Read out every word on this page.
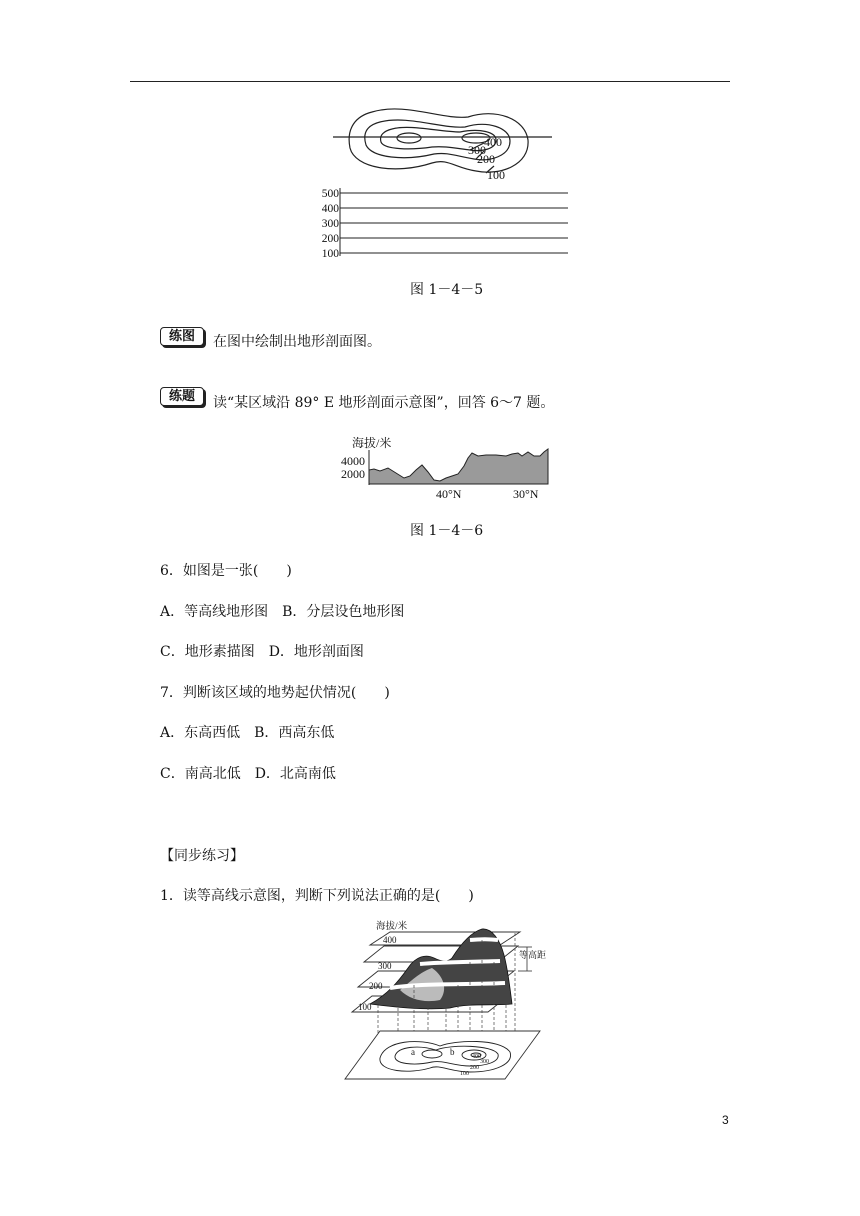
400
300
200
100
500
400
300
200
100
图 1－4－5
练图	在图中绘制出地形剖面图。
练题	读“某区域沿 89° E 地形剖面示意图”，回答 6～7 题。
海拔/米
4000
2000
40°N	30°N
图 1－4－6
6．如图是一张(　　)
A．等高线地形图　B．分层设色地形图
C．地形素描图　D．地形剖面图
7．判断该区域的地势起伏情况(　　)
A．东高西低　B．西高东低
C．南高北低　D．北高南低
【同步练习】
1．读等高线示意图，判断下列说法正确的是(　　)
海拔/米
400
300
200
100
等高距
a	b	400
300
200
100
3
